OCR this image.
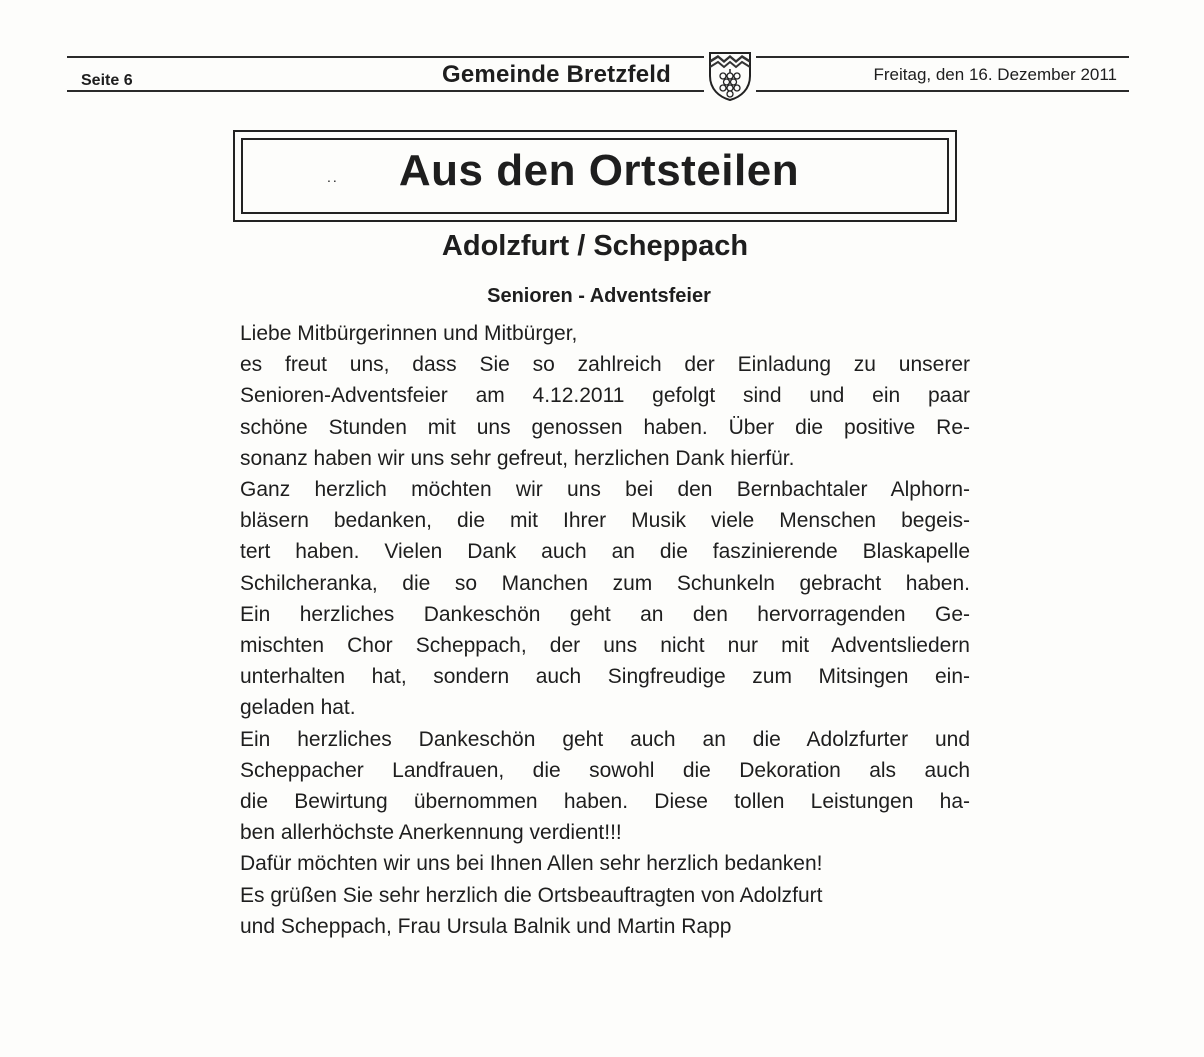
Seite 6	Gemeinde Bretzfeld	Freitag, den 16. Dezember 2011
..	Aus den Ortsteilen
Adolzfurt / Scheppach
Senioren - Adventsfeier
Liebe Mitbürgerinnen und Mitbürger,
es freut uns, dass Sie so zahlreich der Einladung zu unserer
Senioren-Adventsfeier am 4.12.2011 gefolgt sind und ein paar
schöne Stunden mit uns genossen haben. Über die positive Re-
sonanz haben wir uns sehr gefreut, herzlichen Dank hierfür.
Ganz herzlich möchten wir uns bei den Bernbachtaler Alphorn-
bläsern bedanken, die mit Ihrer Musik viele Menschen begeis-
tert haben. Vielen Dank auch an die faszinierende Blaskapelle
Schilcheranka, die so Manchen zum Schunkeln gebracht haben.
Ein herzliches Dankeschön geht an den hervorragenden Ge-
mischten Chor Scheppach, der uns nicht nur mit Adventsliedern
unterhalten hat, sondern auch Singfreudige zum Mitsingen ein-
geladen hat.
Ein herzliches Dankeschön geht auch an die Adolzfurter und
Scheppacher Landfrauen, die sowohl die Dekoration als auch
die Bewirtung übernommen haben. Diese tollen Leistungen ha-
ben allerhöchste Anerkennung verdient!!!
Dafür möchten wir uns bei Ihnen Allen sehr herzlich bedanken!
Es grüßen Sie sehr herzlich die Ortsbeauftragten von Adolzfurt
und Scheppach, Frau Ursula Balnik und Martin Rapp
